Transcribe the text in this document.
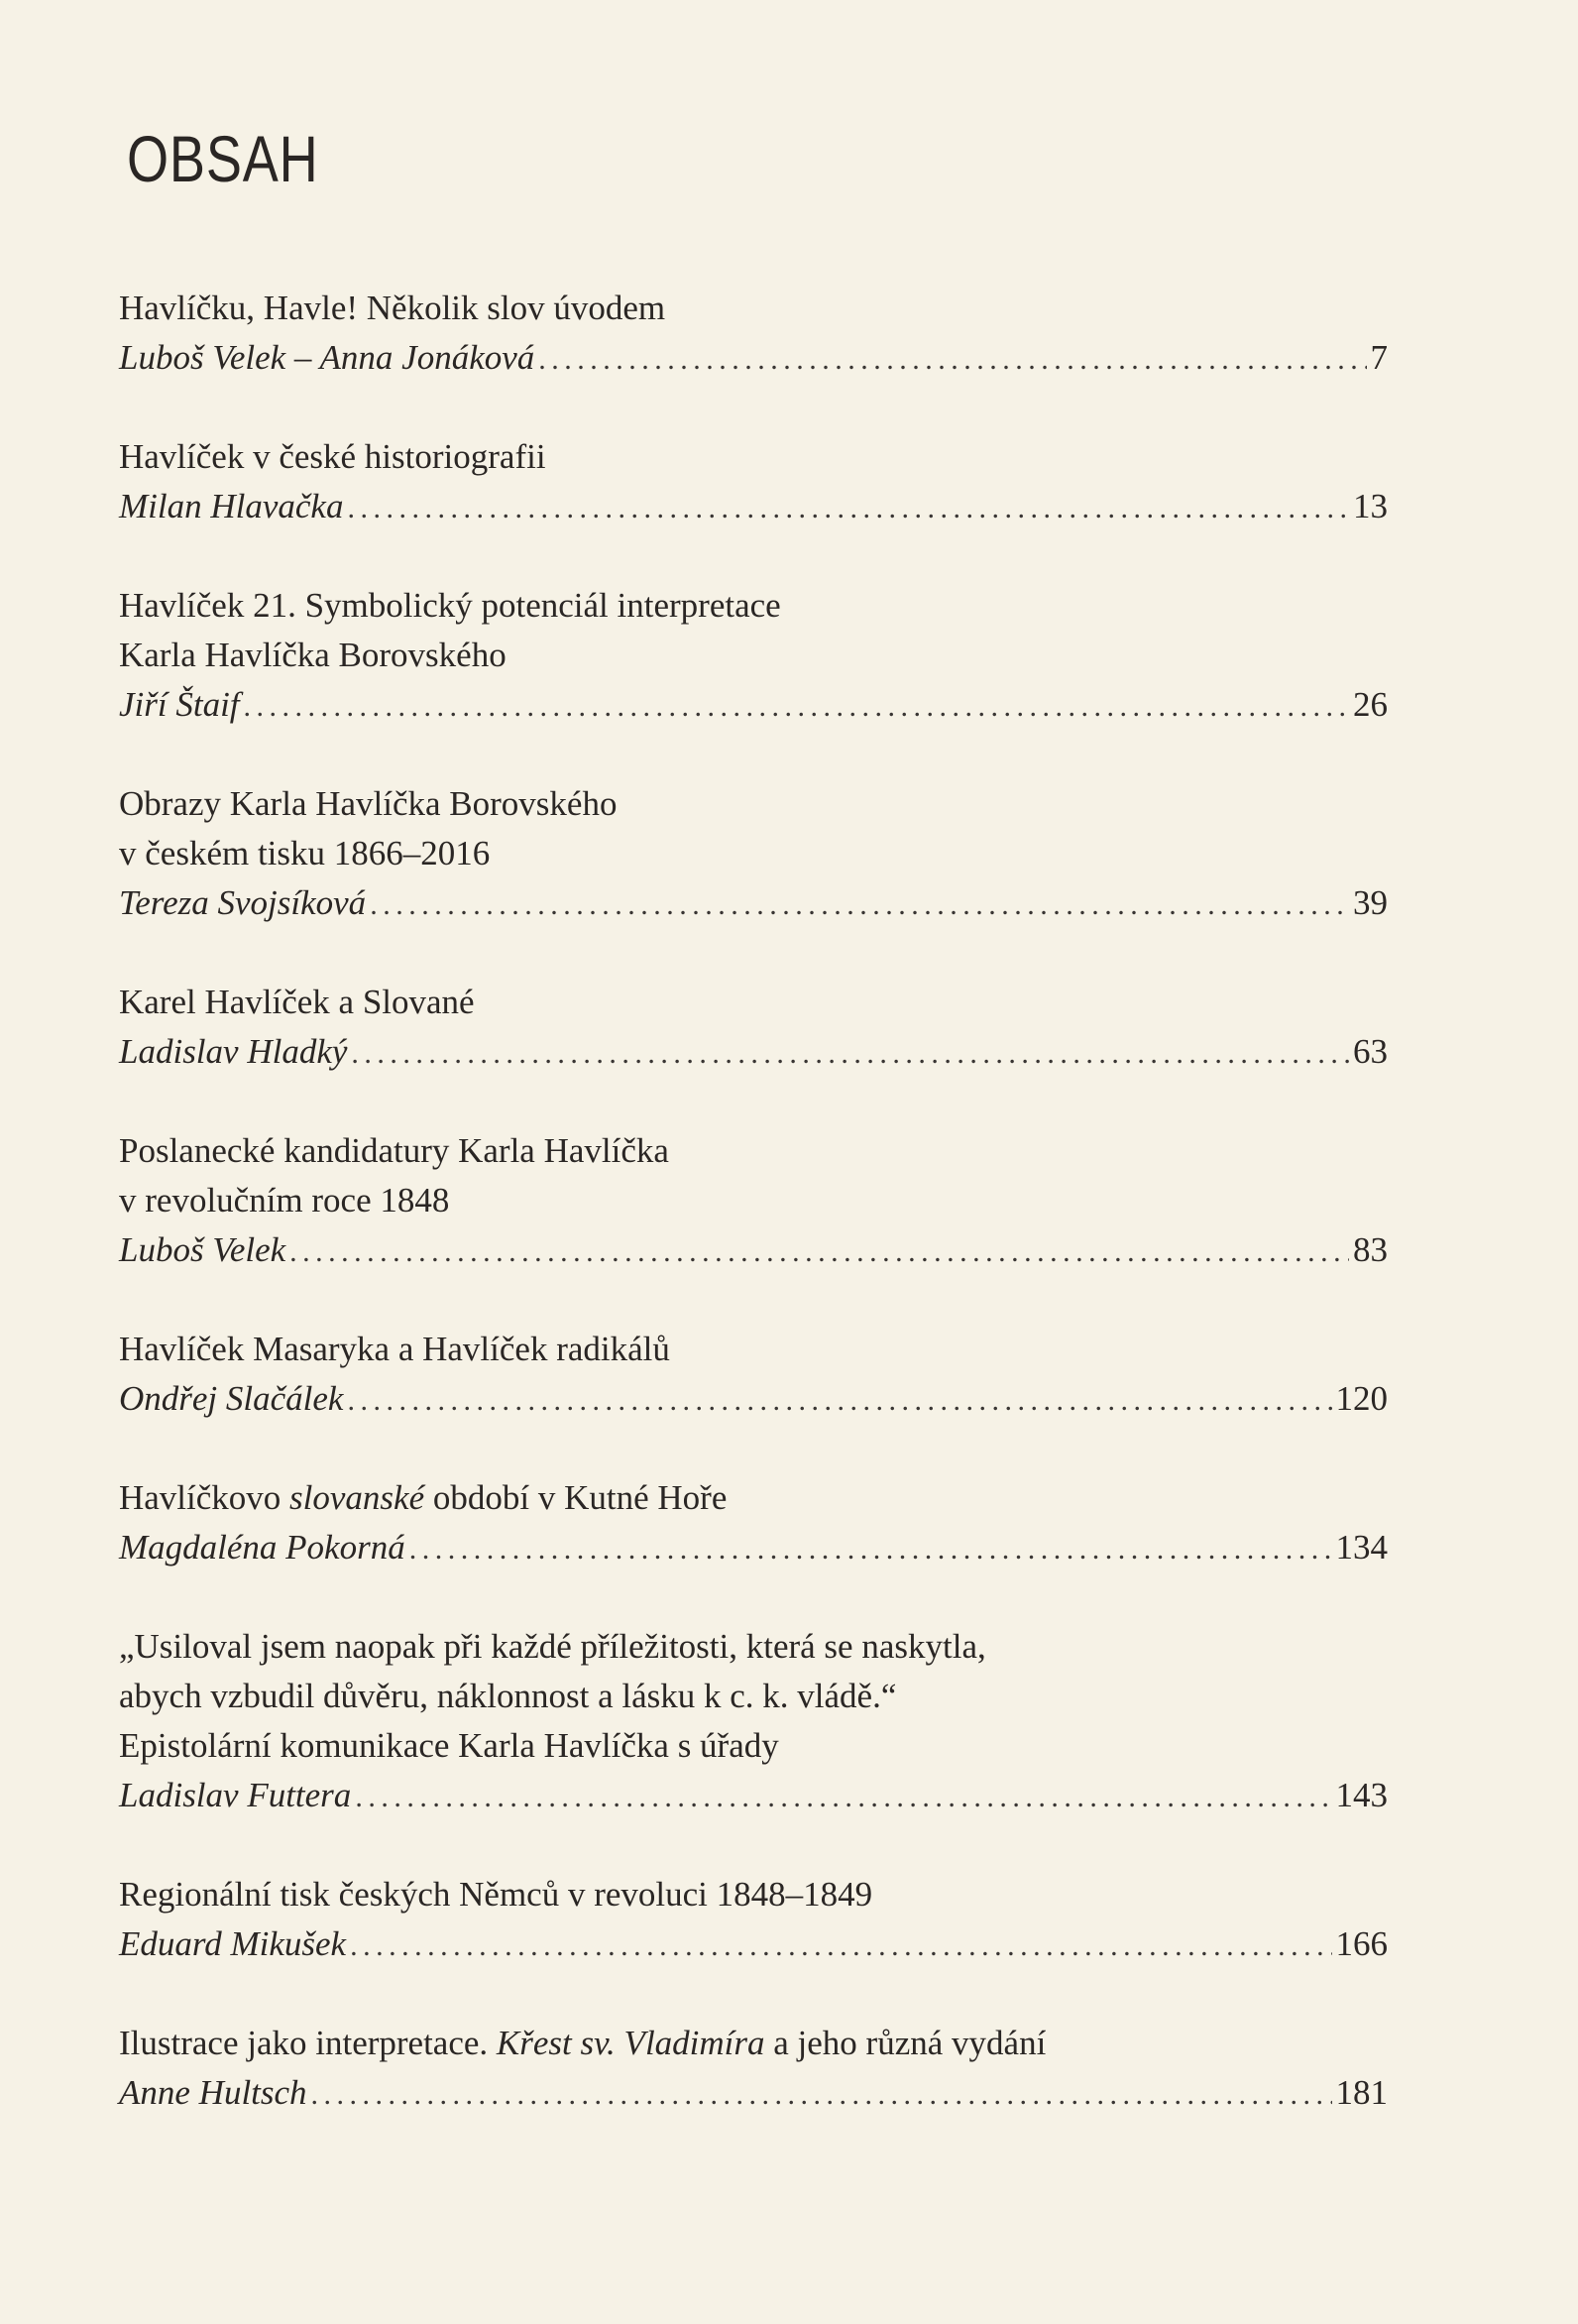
OBSAH
Havlíčku, Havle! Několik slov úvodem
Luboš Velek – Anna Jonáková . . .	7
Havlíček v české historiografii
Milan Hlavačka . . .	13
Havlíček 21. Symbolický potenciál interpretace
Karla Havlíčka Borovského
Jiří Štaif . . .	26
Obrazy Karla Havlíčka Borovského
v českém tisku 1866–2016
Tereza Svojsíková . . .	39
Karel Havlíček a Slované
Ladislav Hladký . . .	63
Poslanecké kandidatury Karla Havlíčka
v revolučním roce 1848
Luboš Velek . . .	83
Havlíček Masaryka a Havlíček radikálů
Ondřej Slačálek . . .	120
Havlíčkovo slovanské období v Kutné Hoře
Magdaléna Pokorná . . .	134
„Usiloval jsem naopak při každé příležitosti, která se naskytla,
abych vzbudil důvěru, náklonnost a lásku k c. k. vládě.“
Epistolární komunikace Karla Havlíčka s úřady
Ladislav Futtera . . .	143
Regionální tisk českých Němců v revoluci 1848–1849
Eduard Mikušek . . .	166
Ilustrace jako interpretace. Křest sv. Vladimíra a jeho různá vydání
Anne Hultsch . . .	181
